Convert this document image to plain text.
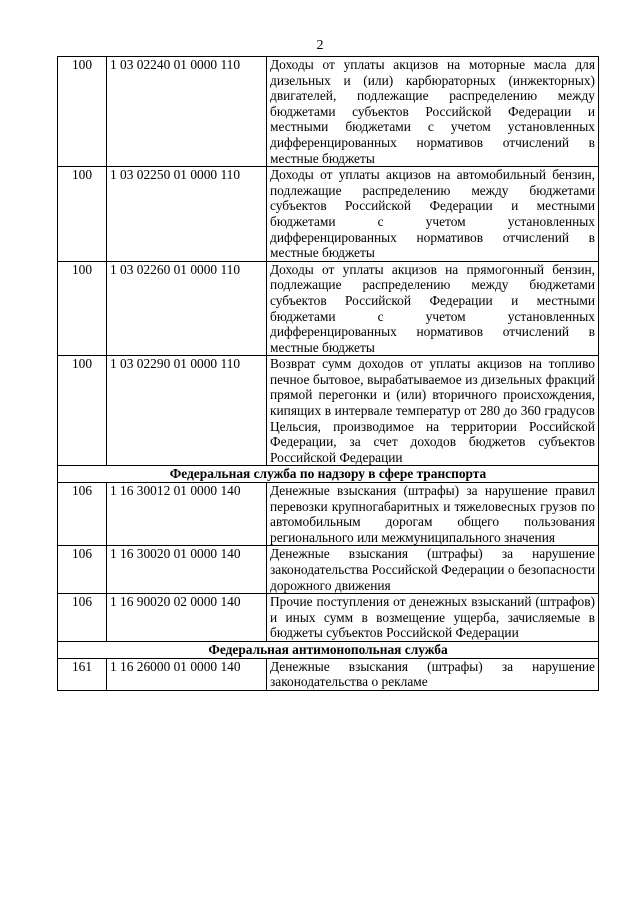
2
100	1 03 02240 01 0000 110	Доходы от уплаты акцизов на моторные масла для дизельных и (или) карбюраторных (инжекторных) двигателей, подлежащие распределению между бюджетами субъектов Российской Федерации и местными бюджетами с учетом установленных дифференцированных нормативов отчислений в местные бюджеты
100	1 03 02250 01 0000 110	Доходы от уплаты акцизов на автомобильный бензин, подлежащие распределению между бюджетами субъектов Российской Федерации и местными бюджетами с учетом установленных дифференцированных нормативов отчислений в местные бюджеты
100	1 03 02260 01 0000 110	Доходы от уплаты акцизов на прямогонный бензин, подлежащие распределению между бюджетами субъектов Российской Федерации и местными бюджетами с учетом установленных дифференцированных нормативов отчислений в местные бюджеты
100	1 03 02290 01 0000 110	Возврат сумм доходов от уплаты акцизов на топливо печное бытовое, вырабатываемое из дизельных фракций прямой перегонки и (или) вторичного происхождения, кипящих в интервале температур от 280 до 360 градусов Цельсия, производимое на территории Российской Федерации, за счет доходов бюджетов субъектов Российской Федерации
Федеральная служба по надзору в сфере транспорта		
106	1 16 30012 01 0000 140	Денежные взыскания (штрафы) за нарушение правил перевозки крупногабаритных и тяжеловесных грузов по автомобильным дорогам общего пользования регионального или межмуниципального значения
106	1 16 30020 01 0000 140	Денежные взыскания (штрафы) за нарушение законодательства Российской Федерации о безопасности дорожного движения
106	1 16 90020 02 0000 140	Прочие поступления от денежных взысканий (штрафов) и иных сумм в возмещение ущерба, зачисляемые в бюджеты субъектов Российской Федерации
Федеральная антимонопольная служба		
161	1 16 26000 01 0000 140	Денежные взыскания (штрафы) за нарушение законодательства о рекламе
